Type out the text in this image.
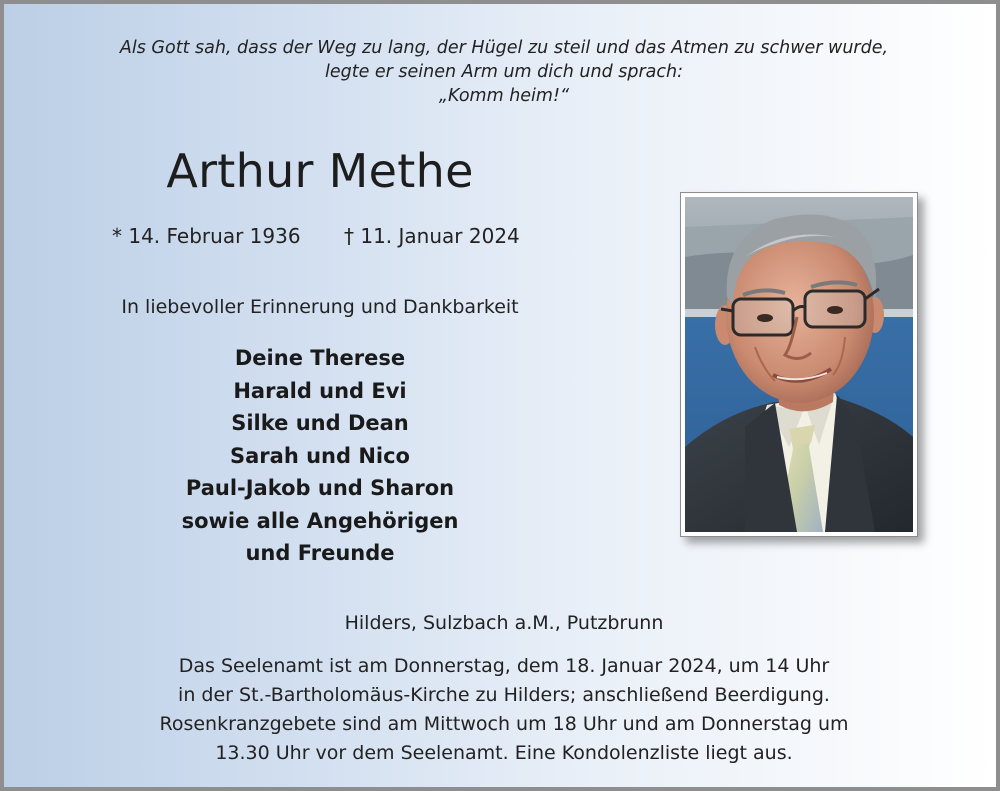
Als Gott sah, dass der Weg zu lang, der Hügel zu steil und das Atmen zu schwer wurde,
legte er seinen Arm um dich und sprach:
„Komm heim!“
Arthur Methe
* 14. Februar 1936 † 11. Januar 2024
In liebevoller Erinnerung und Dankbarkeit
Deine Therese
Harald und Evi
Silke und Dean
Sarah und Nico
Paul-Jakob und Sharon
sowie alle Angehörigen
und Freunde
Hilders, Sulzbach a.M., Putzbrunn
Das Seelenamt ist am Donnerstag, dem 18. Januar 2024, um 14 Uhr
in der St.-Bartholomäus-Kirche zu Hilders; anschließend Beerdigung.
Rosenkranzgebete sind am Mittwoch um 18 Uhr und am Donnerstag um
13.30 Uhr vor dem Seelenamt. Eine Kondolenzliste liegt aus.
